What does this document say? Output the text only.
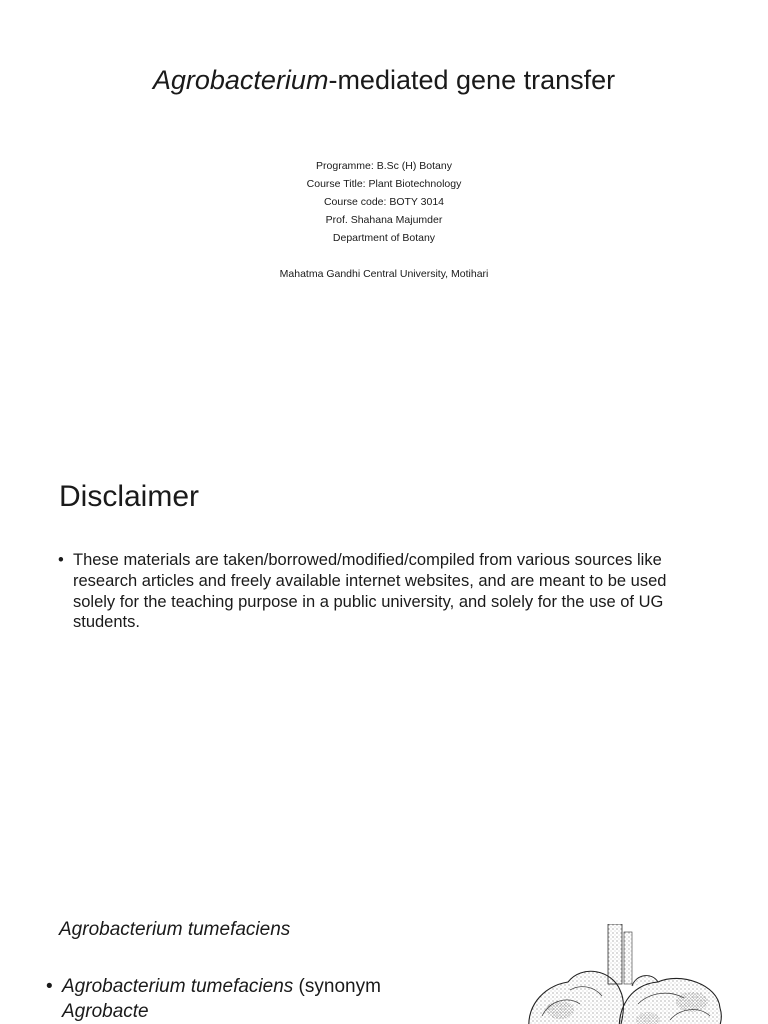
Agrobacterium-mediated gene transfer
Programme: B.Sc (H) Botany
Course Title: Plant Biotechnology
Course code: BOTY 3014
Prof. Shahana Majumder
Department of Botany
Mahatma Gandhi Central University, Motihari
Disclaimer
• These materials are taken/borrowed/modified/compiled from various sources like research articles and freely available internet websites, and are meant to be used solely for the teaching purpose in a public university, and solely for the use of UG students.
Agrobacterium tumefaciens
• Agrobacterium tumefaciens (synonym Agrobacte
